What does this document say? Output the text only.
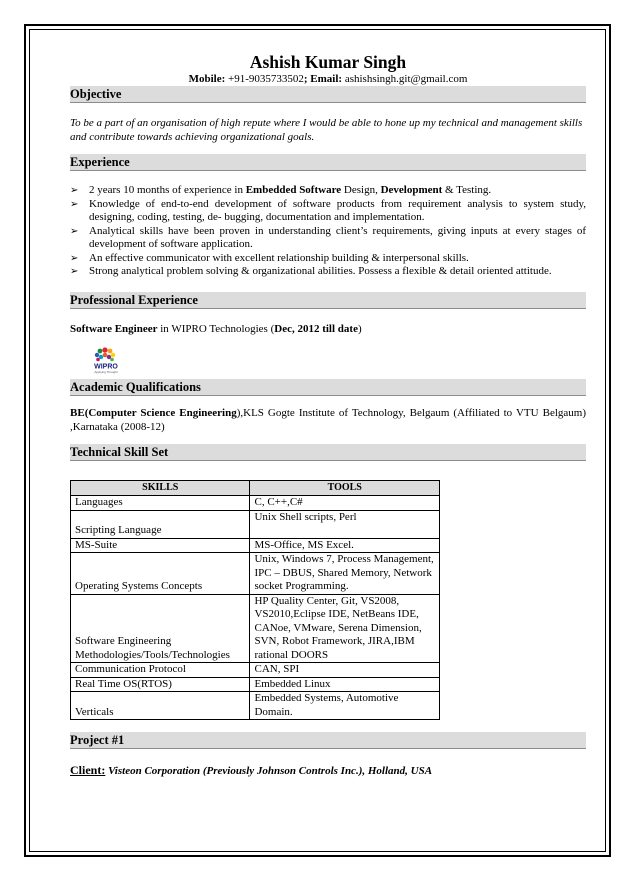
Ashish Kumar Singh
Mobile: +91-9035733502; Email: ashishsingh.git@gmail.com
Objective
To be a part of an organisation of high repute where I would be able to hone up my technical and management skills and contribute towards achieving organizational goals.
Experience
➢ 2 years 10 months of experience in Embedded Software Design, Development & Testing.
➢ Knowledge of end-to-end development of software products from requirement analysis to system study, designing, coding, testing, de- bugging, documentation and implementation.
➢ Analytical skills have been proven in understanding client’s requirements, giving inputs at every stages of development of software application.
➢ An effective communicator with excellent relationship building & interpersonal skills.
➢ Strong analytical problem solving & organizational abilities. Possess a flexible & detail oriented attitude.
Professional Experience
Software Engineer in WIPRO Technologies (Dec, 2012 till date)
WIPRO
Applying Thought
Academic Qualifications
BE(Computer Science Engineering),KLS Gogte Institute of Technology, Belgaum (Affiliated to VTU Belgaum) ,Karnataka (2008-12)
Technical Skill Set
SKILLS	TOOLS
Languages	C, C++,C#
Scripting Language	Unix Shell scripts, Perl
MS-Suite	MS-Office, MS Excel.
Operating Systems Concepts	Unix, Windows 7, Process Management, IPC – DBUS, Shared Memory, Network socket Programming.
Software Engineering Methodologies/Tools/Technologies	HP Quality Center, Git, VS2008, VS2010,Eclipse IDE, NetBeans IDE, CANoe, VMware, Serena Dimension, SVN, Robot Framework, JIRA,IBM rational DOORS
Communication Protocol	CAN, SPI
Real Time OS(RTOS)	Embedded Linux
Verticals	Embedded Systems, Automotive Domain.
Project #1
Client: Visteon Corporation (Previously Johnson Controls Inc.), Holland, USA
